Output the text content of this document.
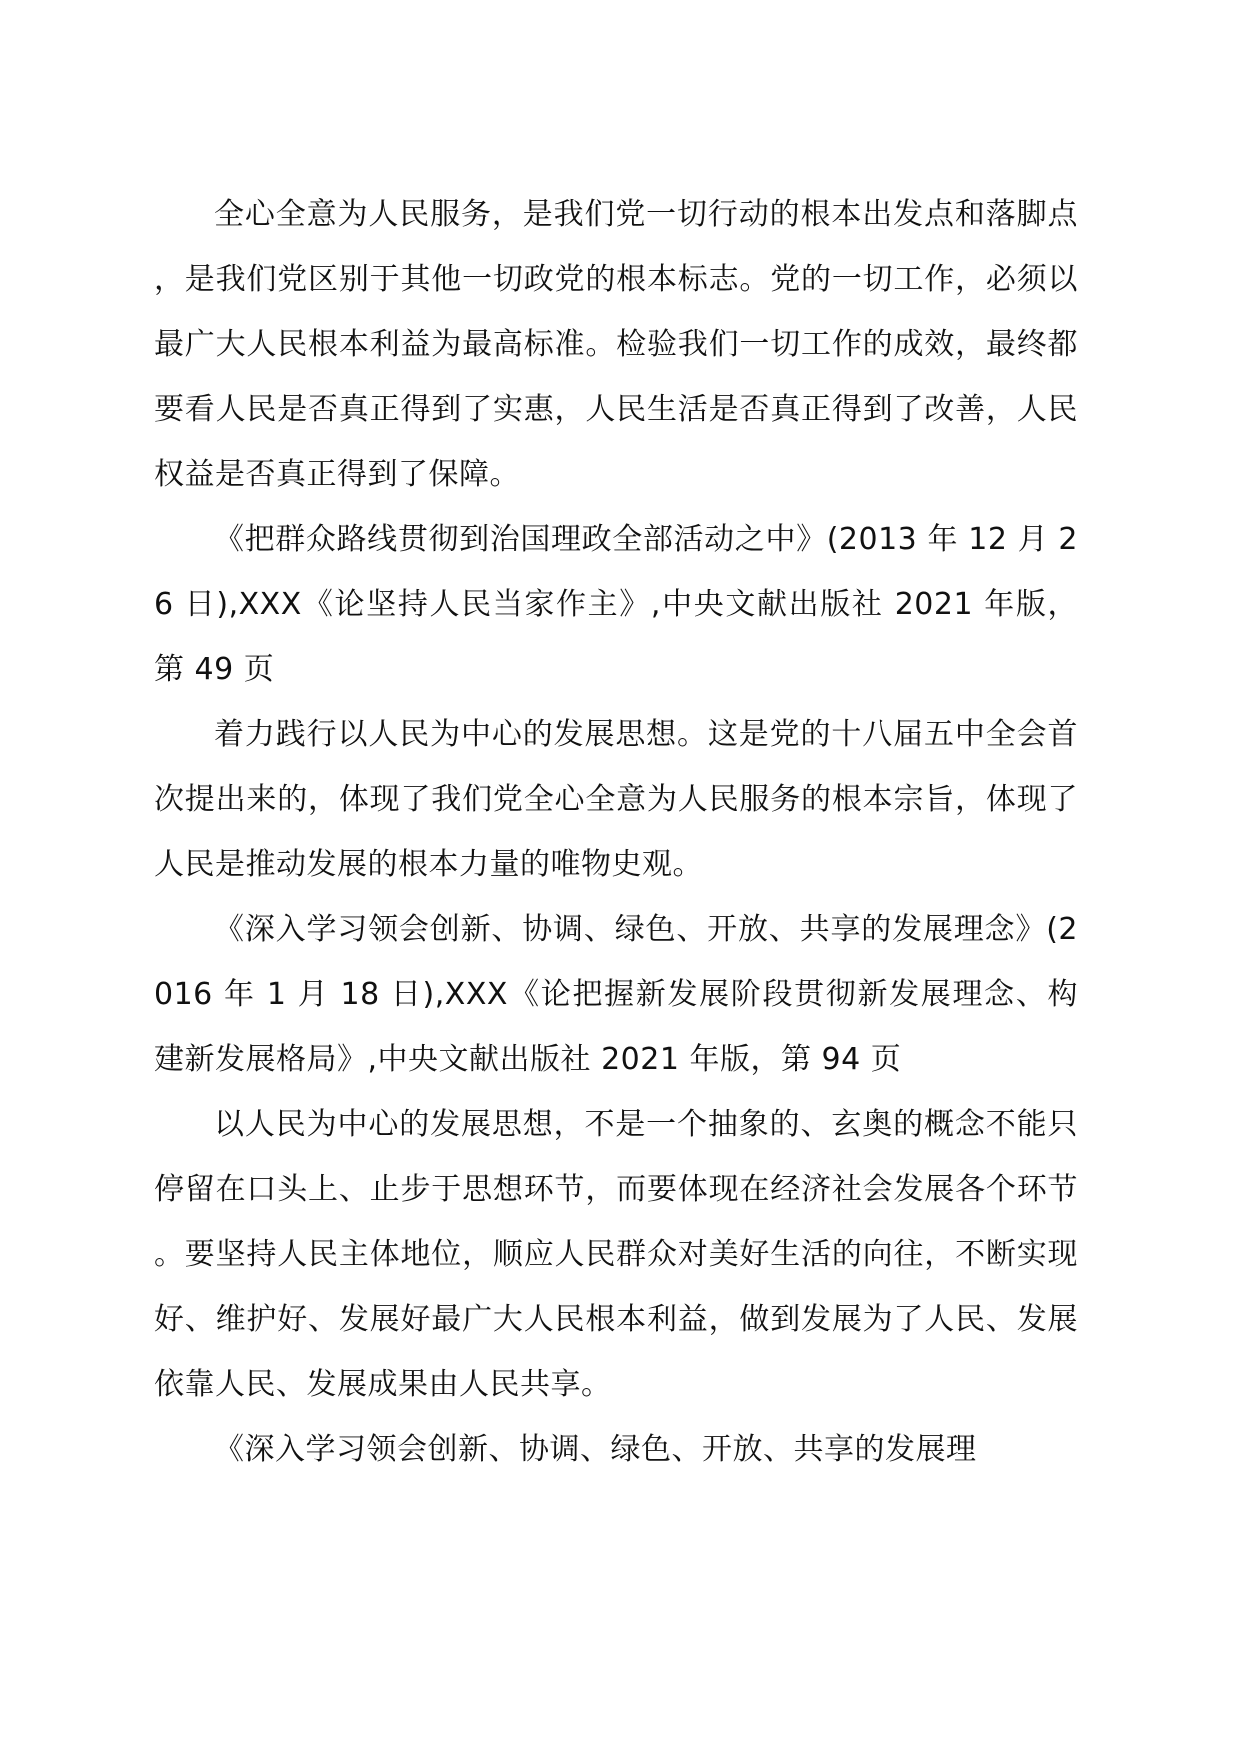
全心全意为人民服务，是我们党一切行动的根本出发点和落脚点，是我们党区别于其他一切政党的根本标志。党的一切工作，必须以最广大人民根本利益为最高标准。检验我们一切工作的成效，最终都要看人民是否真正得到了实惠，人民生活是否真正得到了改善，人民权益是否真正得到了保障。

《把群众路线贯彻到治国理政全部活动之中》(2013 年 12 月 26 日),XXX《论坚持人民当家作主》,中央文献出版社 2021 年版，第 49 页

着力践行以人民为中心的发展思想。这是党的十八届五中全会首次提出来的，体现了我们党全心全意为人民服务的根本宗旨，体现了人民是推动发展的根本力量的唯物史观。

《深入学习领会创新、协调、绿色、开放、共享的发展理念》(2016 年 1 月 18 日),XXX《论把握新发展阶段贯彻新发展理念、构建新发展格局》,中央文献出版社 2021 年版，第 94 页

以人民为中心的发展思想，不是一个抽象的、玄奥的概念不能只停留在口头上、止步于思想环节，而要体现在经济社会发展各个环节。要坚持人民主体地位，顺应人民群众对美好生活的向往，不断实现好、维护好、发展好最广大人民根本利益，做到发展为了人民、发展依靠人民、发展成果由人民共享。

《深入学习领会创新、协调、绿色、开放、共享的发展理
